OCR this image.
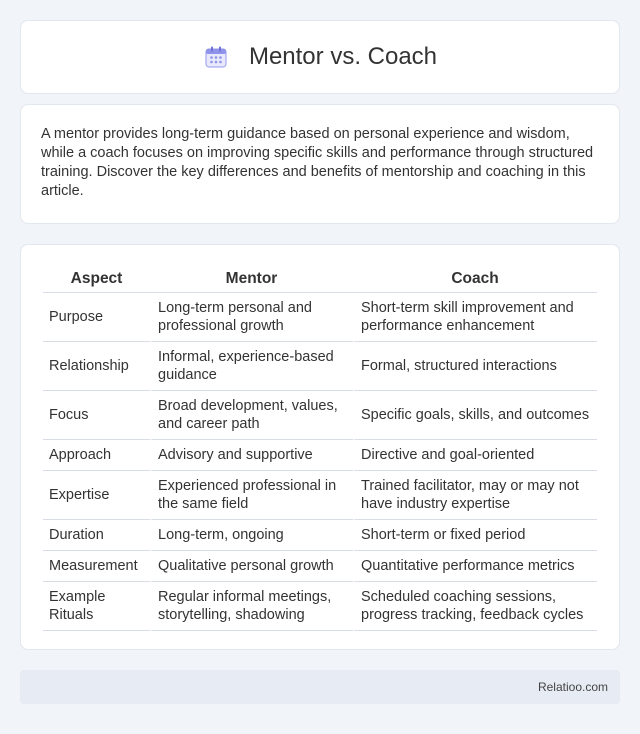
Mentor vs. Coach

A mentor provides long-term guidance based on personal experience and wisdom, while a coach focuses on improving specific skills and performance through structured training. Discover the key differences and benefits of mentorship and coaching in this article.

Aspect	Mentor	Coach
Purpose	Long-term personal and professional growth	Short-term skill improvement and performance enhancement
Relationship	Informal, experience-based guidance	Formal, structured interactions
Focus	Broad development, values, and career path	Specific goals, skills, and outcomes
Approach	Advisory and supportive	Directive and goal-oriented
Expertise	Experienced professional in the same field	Trained facilitator, may or may not have industry expertise
Duration	Long-term, ongoing	Short-term or fixed period
Measurement	Qualitative personal growth	Quantitative performance metrics
Example Rituals	Regular informal meetings, storytelling, shadowing	Scheduled coaching sessions, progress tracking, feedback cycles
Relatioo.com
